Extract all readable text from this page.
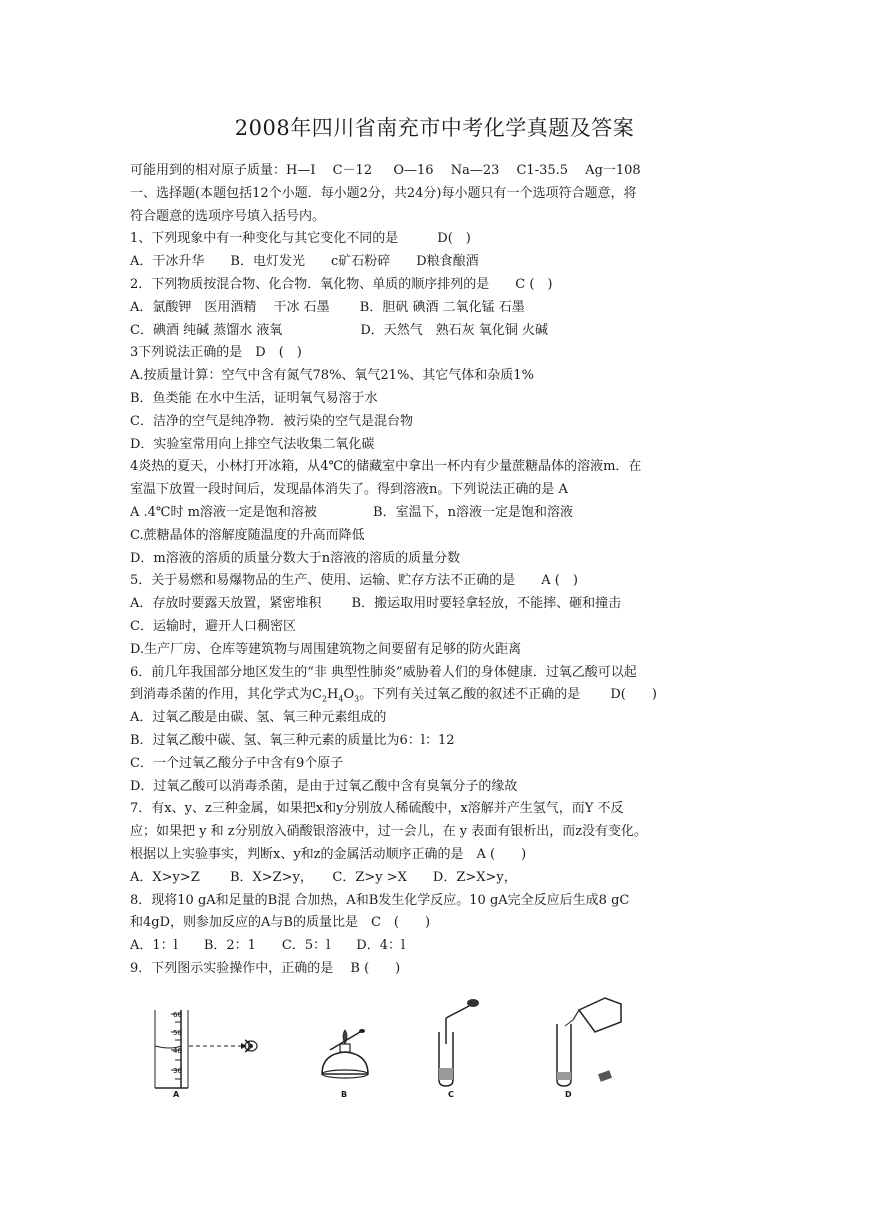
2008年四川省南充市中考化学真题及答案
可能用到的相对原子质量：H—I　 C－12　  O—16　 Na—23　 C1-35.5　 Ag一108
一、选择题(本题包括12个小题．每小题2分，共24分)每小题只有一个选项符合题意，将
符合题意的选项序号填入括号内。
1、下列现象中有一种变化与其它变化不同的是　　　D(　)
A．干冰升华　　B．电灯发光　　c矿石粉碎　　D粮食酿酒
2．下列物质按混合物、化合物．氧化物、单质的顺序排列的是　　C (　)
A．氯酸钾　医用酒精　 干冰 石墨　　 B．胆矾 碘酒 二氧化锰 石墨
C．碘酒 纯碱 蒸馏水 液氧　　　　　　D．天然气　熟石灰 氧化铜 火碱
3下列说法正确的是　D　(　)
A.按质量计算：空气中含有氮气78%、氧气21%、其它气体和杂质1%
B．鱼类能 在水中生活，证明氧气易溶于水
C．洁净的空气是纯净物．被污染的空气是混台物
D．实验室常用向上排空气法收集二氧化碳
4炎热的夏天，小林打开冰箱，从4℃的储藏室中拿出一杯内有少量蔗糖晶体的溶液m．在
室温下放置一段时间后，发现晶体消失了。得到溶液n。下列说法正确的是 A
A .4℃时 m溶液一定是饱和溶被　　　　 B．室温下，n溶液一定是饱和溶液
C.蔗糖晶体的溶解度随温度的升高而降低
D．m溶液的溶质的质量分数大于n溶液的溶质的质量分数
5．关于易燃和易爆物品的生产、使用、运输、贮存方法不正确的是　　A (　)
A．存放时要露天放置，紧密堆积　　 B．搬运取用时要轻拿轻放，不能摔、砸和撞击
C．运输时，避开人口稠密区
D.生产厂房、仓库等建筑物与周围建筑物之间要留有足够的防火距离
6．前几年我国部分地区发生的“非 典型性肺炎”威胁着人们的身体健康．过氧乙酸可以起
到消毒杀菌的作用，其化学式为$C_2H_4O_3$。下列有关过氧乙酸的叙述不正确的是　　 D(　　)
A．过氧乙酸是由碳、氢、氧三种元素组成的
B．过氧乙酸中碳、氢、氧三种元素的质量比为6：l：12
C．一个过氧乙酸分子中含有9个原子
D．过氧乙酸可以消毒杀菌，是由于过氧乙酸中含有臭氧分子的缘故
7．有x、y、z三种金属，如果把x和y分别放人稀硫酸中，x溶解并产生氢气，而Y 不反
应；如果把 y 和 z分别放入硝酸银溶液中，过一会儿，在 y 表面有银析出，而z没有变化。
根据以上实验事实，判断x、y和z的金属活动顺序正确的是　A (　　)
A．X>y>Z　　 B．X>Z>y，　　C．Z>y >X　　D．Z>X>y，
8．现将10 gA和足量的B混 合加热，A和B发生化学反应。10 gA完全反应后生成8 gC
和4gD，则参加反应的A与B的质量比是　C　(　　)
A．1：l　　B．2：1　　C．5：l　　D．4：l
9．下列图示实验操作中，正确的是　 B (　　)
60
50
40
30
A	B	C	D
